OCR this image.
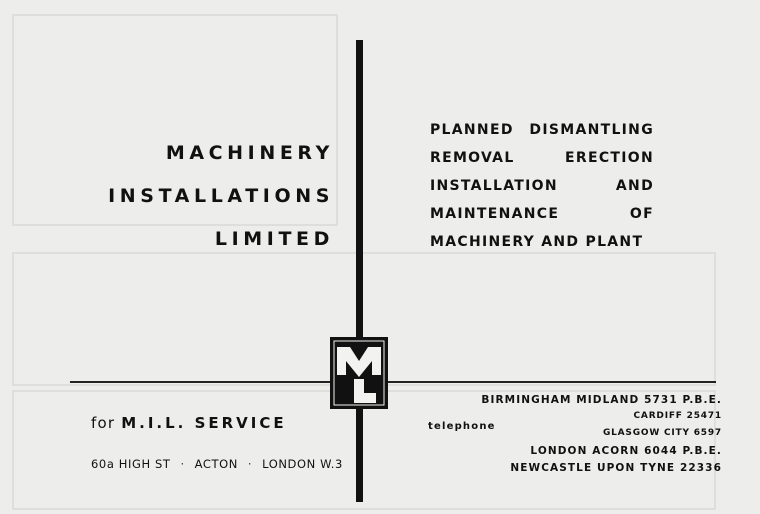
MACHINERY
INSTALLATIONS
LIMITED
PLANNED DISMANTLING
REMOVAL	ERECTION
INSTALLATION	AND
MAINTENANCE	OF
MACHINERY AND PLANT
for M.I.L. SERVICE
60a HIGH ST · ACTON · LONDON W.3
telephone
BIRMINGHAM MIDLAND 5731 P.B.E.
CARDIFF 25471
GLASGOW CITY 6597
LONDON ACORN 6044 P.B.E.
NEWCASTLE UPON TYNE 22336
